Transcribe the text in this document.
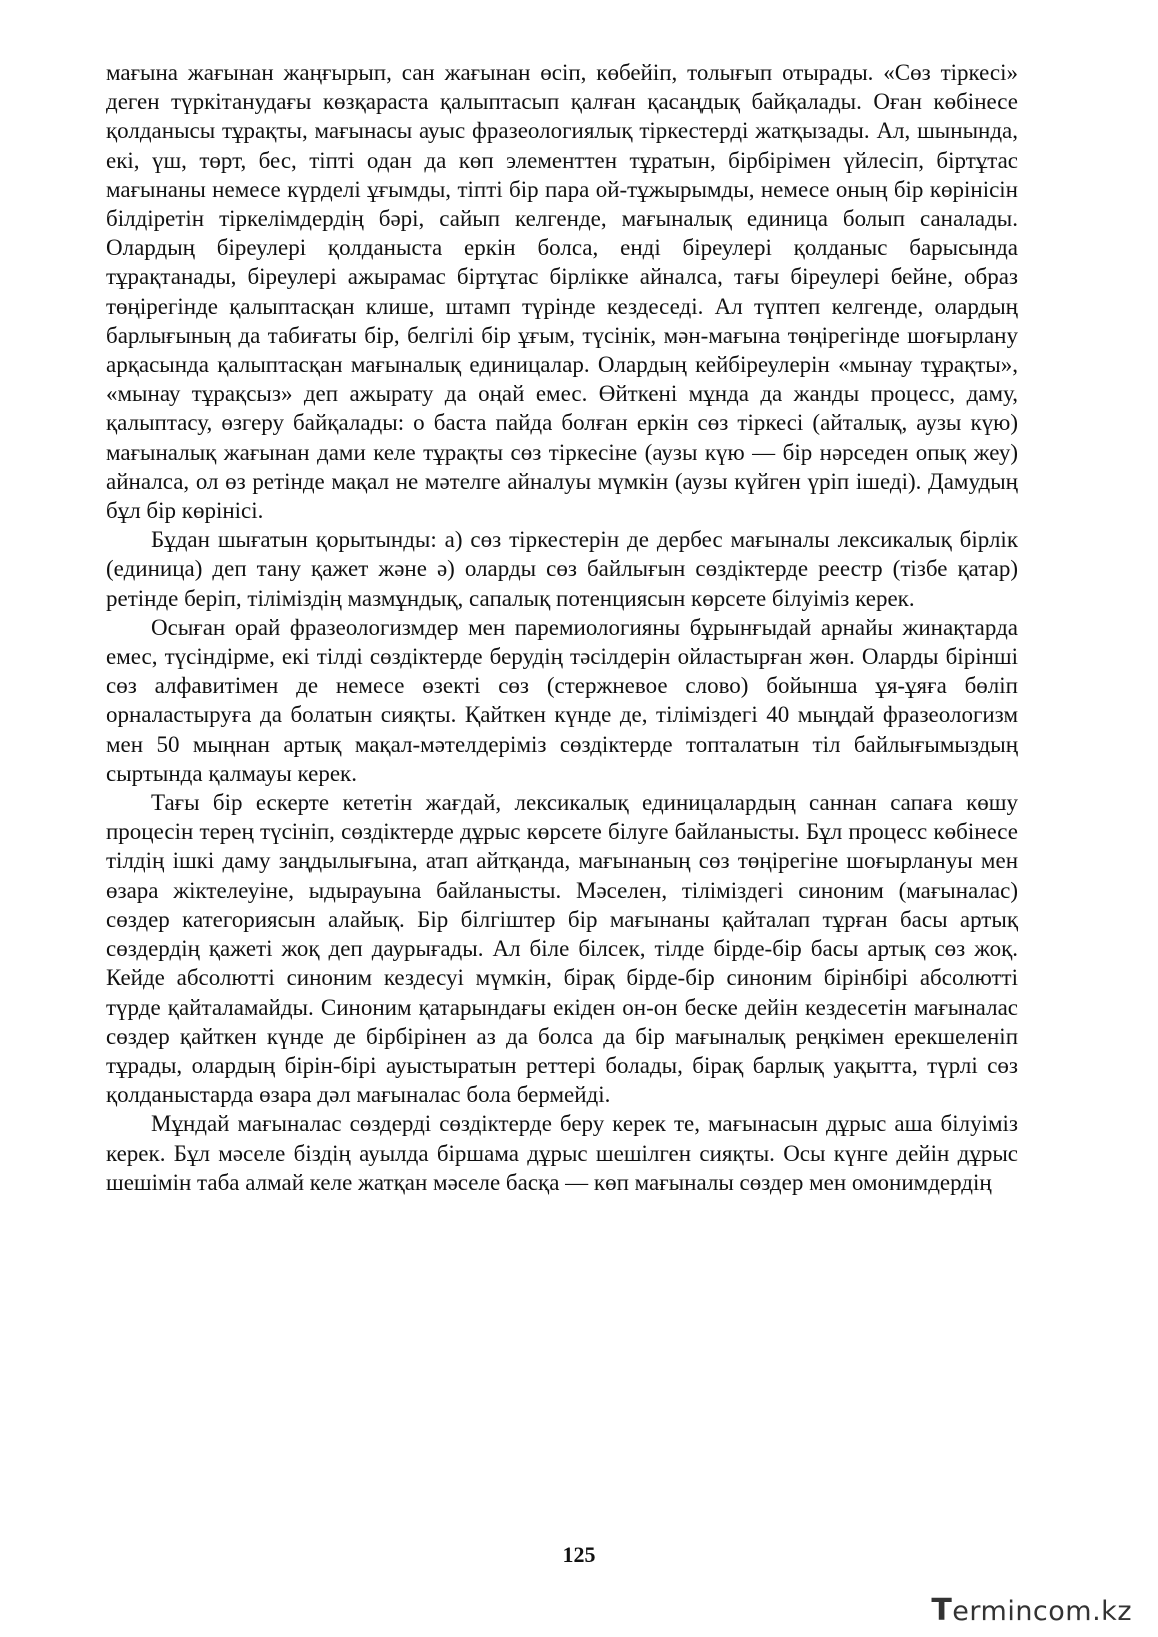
мағына жағынан жаңғырып, сан жағынан өсіп, көбейіп, толығып отырады. «Сөз тіркесі» деген түркітанудағы көзқараста қалыптасып қалған қасаңдық байқалады. Оған көбінесе қолданысы тұрақты, мағынасы ауыс фразеологиялық тіркестерді жатқызады. Ал, шынында, екі, үш, төрт, бес, тіпті одан да көп элементтен тұратын, бірбірімен үйлесіп, біртұтас мағынаны немесе күрделі ұғымды, тіпті бір пара ой-тұжырымды, немесе оның бір көрінісін білдіретін тіркелімдердің бәрі, сайып келгенде, мағыналық единица болып саналады. Олардың біреулері қолданыста еркін болса, енді біреулері қолданыс барысында тұрақтанады, біреулері ажырамас біртұтас бірлікке айналса, тағы біреулері бейне, образ төңірегінде қалыптасқан клише, штамп түрінде кездеседі. Ал түптеп келгенде, олардың барлығының да табиғаты бір, белгілі бір ұғым, түсінік, мән-мағына төңірегінде шоғырлану арқасында қалыптасқан мағыналық единицалар. Олардың кейбіреулерін «мынау тұрақты», «мынау тұрақсыз» деп ажырату да оңай емес. Өйткені мұнда да жанды процесс, даму, қалыптасу, өзгеру байқалады: о баста пайда болған еркін сөз тіркесі (айталық, аузы күю) мағыналық жағынан дами келе тұрақты сөз тіркесіне (аузы күю — бір нәрседен опық жеу) айналса, ол өз ретінде мақал не мәтелге айналуы мүмкін (аузы күйген үріп ішеді). Дамудың бұл бір көрінісі.

Бұдан шығатын қорытынды: а) сөз тіркестерін де дербес мағыналы лексикалық бірлік (единица) деп тану қажет және ә) оларды сөз байлығын сөздіктерде реестр (тізбе қатар) ретінде беріп, тіліміздің мазмұндық, сапалық потенциясын көрсете білуіміз керек.

Осыған орай фразеологизмдер мен паремиологияны бұрынғыдай арнайы жинақтарда емес, түсіндірме, екі тілді сөздіктерде берудің тәсілдерін ойластырған жөн. Оларды бірінші сөз алфавитімен де немесе өзекті сөз (стержневое слово) бойынша ұя-ұяға бөліп орналастыруға да болатын сияқты. Қайткен күнде де, тіліміздегі 40 мыңдай фразеологизм мен 50 мыңнан артық мақал-мәтелдеріміз сөздіктерде топталатын тіл байлығымыздың сыртында қалмауы керек.

Тағы бір ескерте кететін жағдай, лексикалық единицалардың саннан сапаға көшу процесін терең түсініп, сөздіктерде дұрыс көрсете білуге байланысты. Бұл процесс көбінесе тілдің ішкі даму заңдылығына, атап айтқанда, мағынаның сөз төңірегіне шоғырлануы мен өзара жіктелеуіне, ыдырауына байланысты. Мәселен, тіліміздегі синоним (мағыналас) сөздер категориясын алайық. Бір білгіштер бір мағынаны қайталап тұрған басы артық сөздердің қажеті жоқ деп даурығады. Ал біле білсек, тілде бірде-бір басы артық сөз жоқ. Кейде абсолютті синоним кездесуі мүмкін, бірақ бірде-бір синоним бірінбірі абсолютті түрде қайталамайды. Синоним қатарындағы екіден он-он беске дейін кездесетін мағыналас сөздер қайткен күнде де бірбірінен аз да болса да бір мағыналық реңкімен ерекшеленіп тұрады, олардың бірін-бірі ауыстыратын реттері болады, бірақ барлық уақытта, түрлі сөз қолданыстарда өзара дәл мағыналас бола бермейді.

Мұндай мағыналас сөздерді сөздіктерде беру керек те, мағынасын дұрыс аша білуіміз керек. Бұл мәселе біздің ауылда біршама дұрыс шешілген сияқты. Осы күнге дейін дұрыс шешімін таба алмай келе жатқан мәселе басқа — көп мағыналы сөздер мен омонимдердің

125
Termincom.kz
